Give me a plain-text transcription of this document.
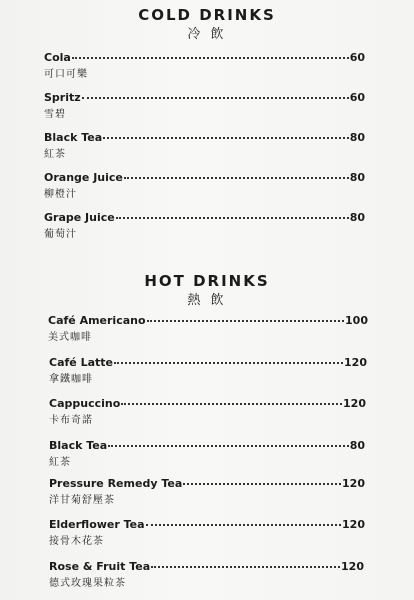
COLD DRINKS
冷 飲
Cola	60
可口可樂
Spritz	60
雪碧
Black Tea	80
紅茶
Orange Juice	80
柳橙汁
Grape Juice	80
葡萄汁
HOT DRINKS
熱 飲
Café Americano	100
美式咖啡
Café Latte	120
拿鐵咖啡
Cappuccino	120
卡布奇諾
Black Tea	80
紅茶
Pressure Remedy Tea	120
洋甘菊舒壓茶
Elderflower Tea	120
接骨木花茶
Rose & Fruit Tea	120
德式玫瑰果粒茶
